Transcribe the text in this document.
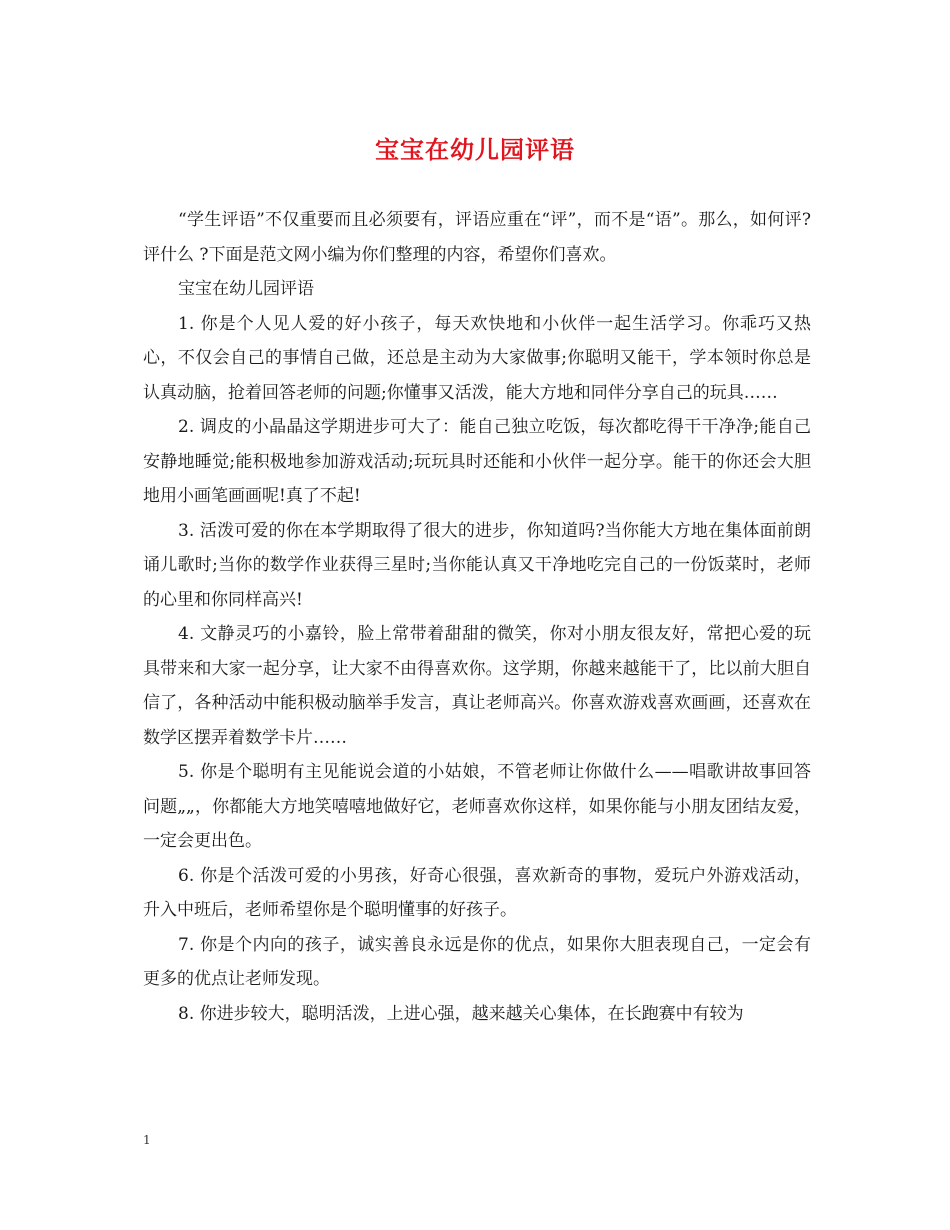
宝宝在幼儿园评语

“学生评语”不仅重要而且必须要有，评语应重在“评”，而不是“语”。那么，如何评?评什么 ?下面是范文网小编为你们整理的内容，希望你们喜欢。

宝宝在幼儿园评语

1. 你是个人见人爱的好小孩子，每天欢快地和小伙伴一起生活学习。你乖巧又热心，不仅会自己的事情自己做，还总是主动为大家做事;你聪明又能干，学本领时你总是认真动脑，抢着回答老师的问题;你懂事又活泼，能大方地和同伴分享自己的玩具……

2. 调皮的小晶晶这学期进步可大了：能自己独立吃饭，每次都吃得干干净净;能自己安静地睡觉;能积极地参加游戏活动;玩玩具时还能和小伙伴一起分享。能干的你还会大胆地用小画笔画画呢!真了不起!

3. 活泼可爱的你在本学期取得了很大的进步，你知道吗?当你能大方地在集体面前朗诵儿歌时;当你的数学作业获得三星时;当你能认真又干净地吃完自己的一份饭菜时，老师的心里和你同样高兴!

4. 文静灵巧的小嘉铃，脸上常带着甜甜的微笑，你对小朋友很友好，常把心爱的玩具带来和大家一起分享，让大家不由得喜欢你。这学期，你越来越能干了，比以前大胆自信了，各种活动中能积极动脑举手发言，真让老师高兴。你喜欢游戏喜欢画画，还喜欢在数学区摆弄着数学卡片……

5. 你是个聪明有主见能说会道的小姑娘，不管老师让你做什么——唱歌讲故事回答问题„„，你都能大方地笑嘻嘻地做好它，老师喜欢你这样，如果你能与小朋友团结友爱，一定会更出色。

6. 你是个活泼可爱的小男孩，好奇心很强，喜欢新奇的事物，爱玩户外游戏活动，升入中班后，老师希望你是个聪明懂事的好孩子。

7. 你是个内向的孩子，诚实善良永远是你的优点，如果你大胆表现自己，一定会有更多的优点让老师发现。

8. 你进步较大，聪明活泼，上进心强，越来越关心集体，在长跑赛中有较为

1
